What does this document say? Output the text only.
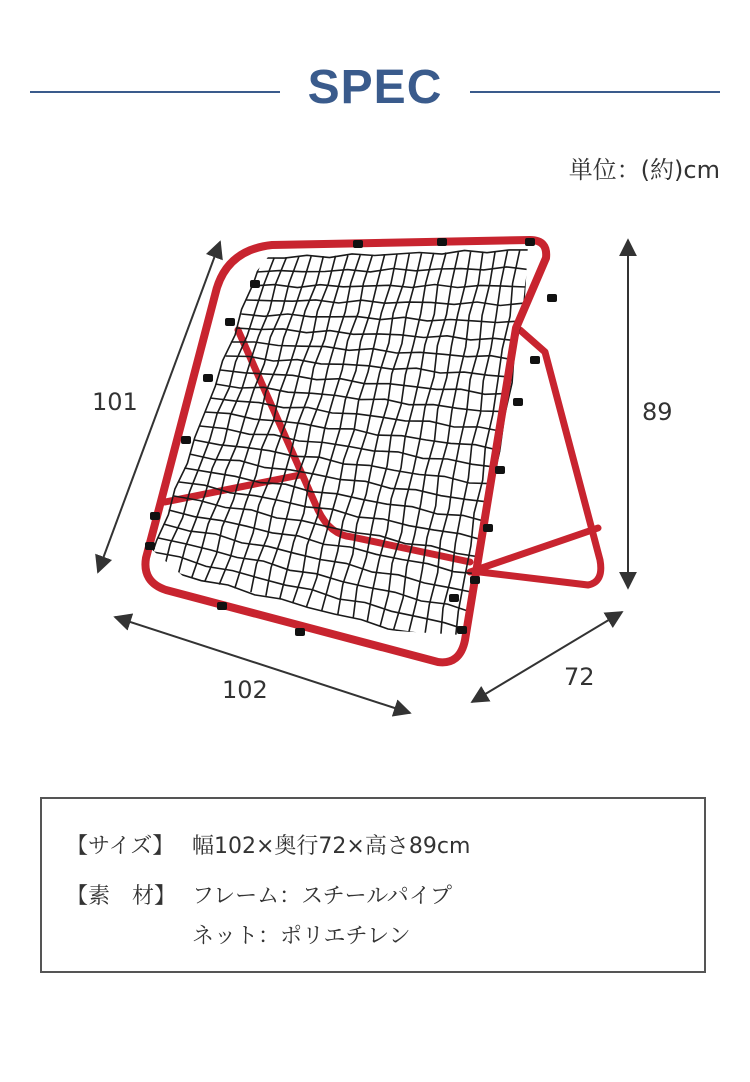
SPEC
単位：(約)cm
101	89
102	72
【サイズ】 幅102×奥行72×高さ89cm
【素　材】 フレーム：スチールパイプ
ネット：ポリエチレン
